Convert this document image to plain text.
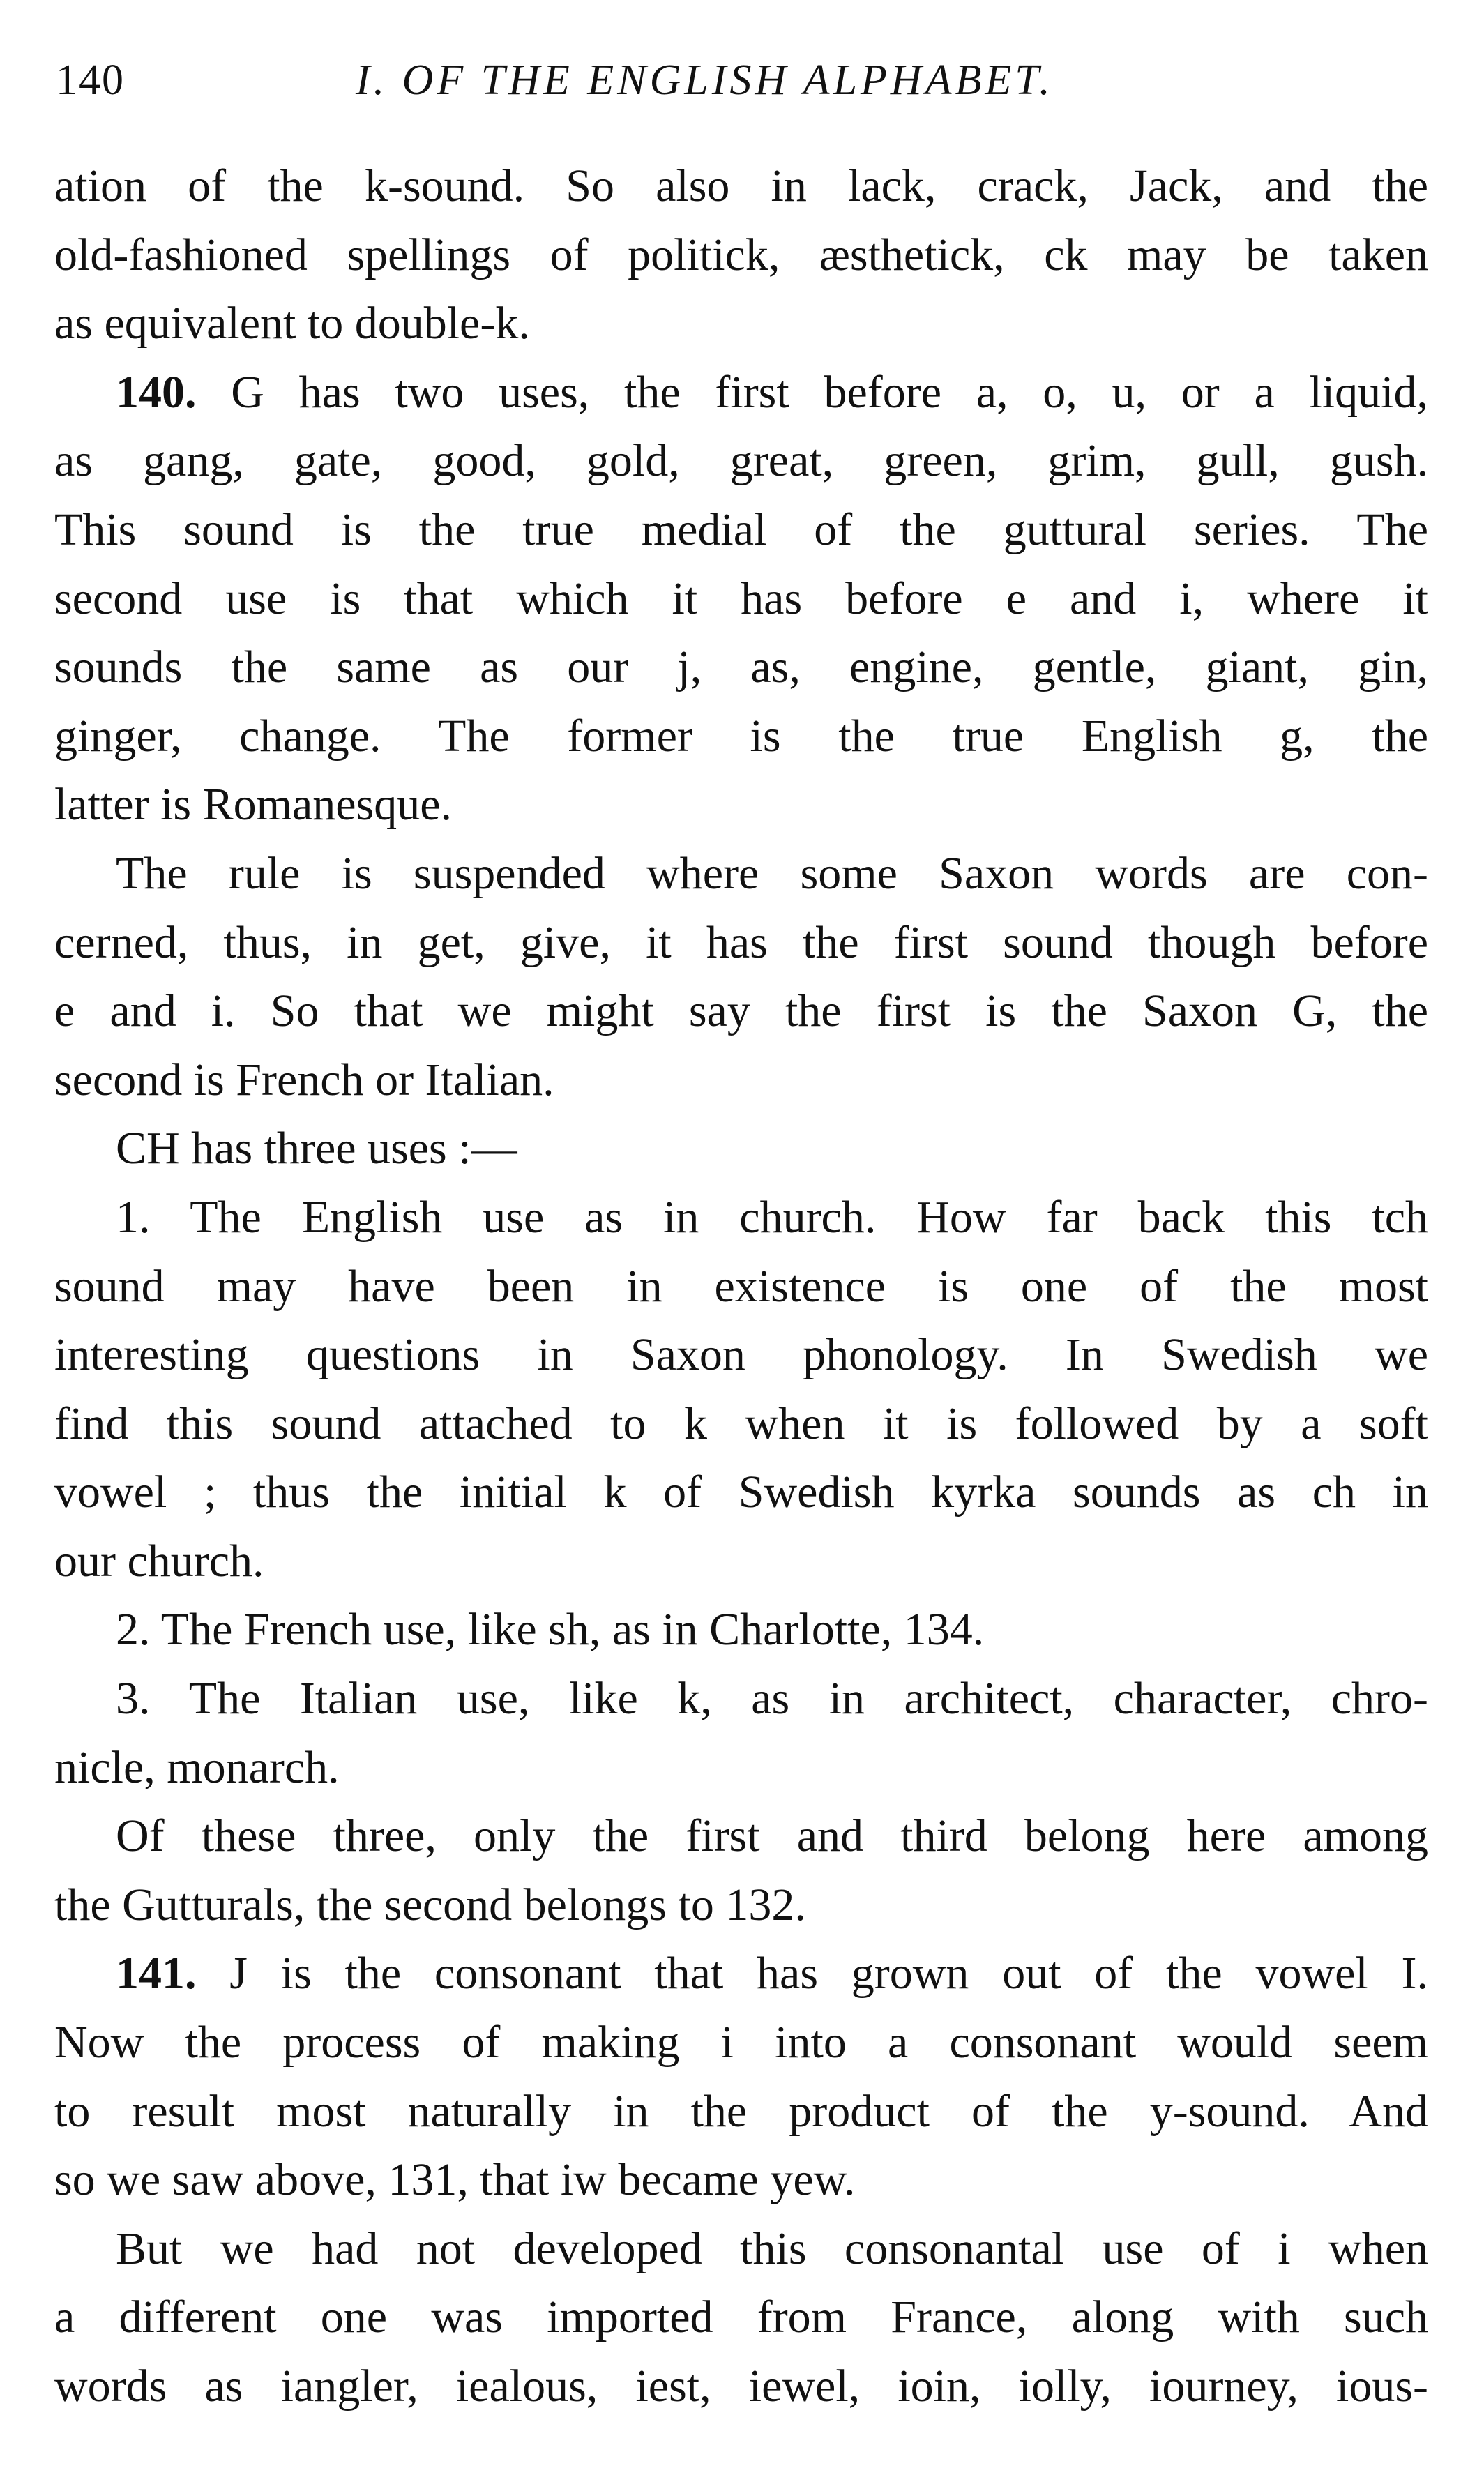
140	I. OF THE ENGLISH ALPHABET.
ation of the k-sound. So also in lack, crack, Jack, and the
old-fashioned spellings of politick, æsthetick, ck may be taken
as equivalent to double-k.
140. G has two uses, the first before a, o, u, or a liquid,
as gang, gate, good, gold, great, green, grim, gull, gush.
This sound is the true medial of the guttural series. The
second use is that which it has before e and i, where it
sounds the same as our j, as, engine, gentle, giant, gin,
ginger, change. The former is the true English g, the
latter is Romanesque.
The rule is suspended where some Saxon words are con-
cerned, thus, in get, give, it has the first sound though before
e and i. So that we might say the first is the Saxon G, the
second is French or Italian.
CH has three uses :—
1. The English use as in church. How far back this tch
sound may have been in existence is one of the most
interesting questions in Saxon phonology. In Swedish we
find this sound attached to k when it is followed by a soft
vowel ; thus the initial k of Swedish kyrka sounds as ch in
our church.
2. The French use, like sh, as in Charlotte, 134.
3. The Italian use, like k, as in architect, character, chro-
nicle, monarch.
Of these three, only the first and third belong here among
the Gutturals, the second belongs to 132.
141. J is the consonant that has grown out of the vowel I.
Now the process of making i into a consonant would seem
to result most naturally in the product of the y-sound. And
so we saw above, 131, that iw became yew.
But we had not developed this consonantal use of i when
a different one was imported from France, along with such
words as iangler, iealous, iest, iewel, ioin, iolly, iourney, ious-
